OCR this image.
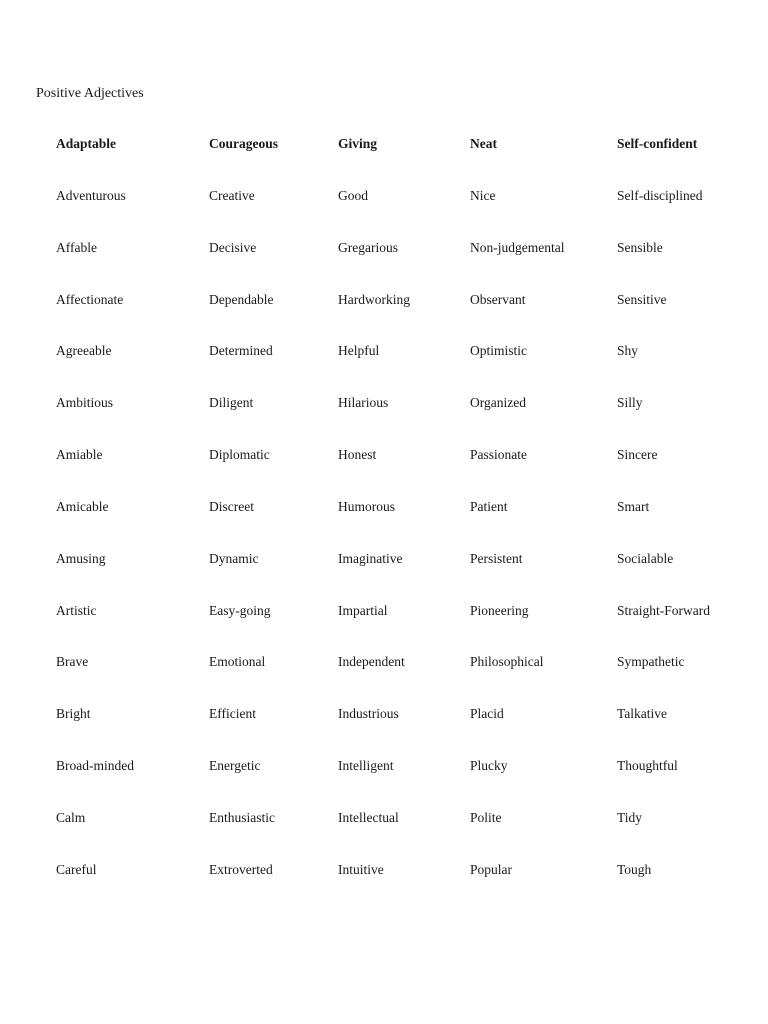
Positive Adjectives
Adaptable	Courageous	Giving	Neat	Self-confident
Adventurous	Creative	Good	Nice	Self-disciplined
Affable	Decisive	Gregarious	Non-judgemental	Sensible
Affectionate	Dependable	Hardworking	Observant	Sensitive
Agreeable	Determined	Helpful	Optimistic	Shy
Ambitious	Diligent	Hilarious	Organized	Silly
Amiable	Diplomatic	Honest	Passionate	Sincere
Amicable	Discreet	Humorous	Patient	Smart
Amusing	Dynamic	Imaginative	Persistent	Socialable
Artistic	Easy-going	Impartial	Pioneering	Straight-Forward
Brave	Emotional	Independent	Philosophical	Sympathetic
Bright	Efficient	Industrious	Placid	Talkative
Broad-minded	Energetic	Intelligent	Plucky	Thoughtful
Calm	Enthusiastic	Intellectual	Polite	Tidy
Careful	Extroverted	Intuitive	Popular	Tough
